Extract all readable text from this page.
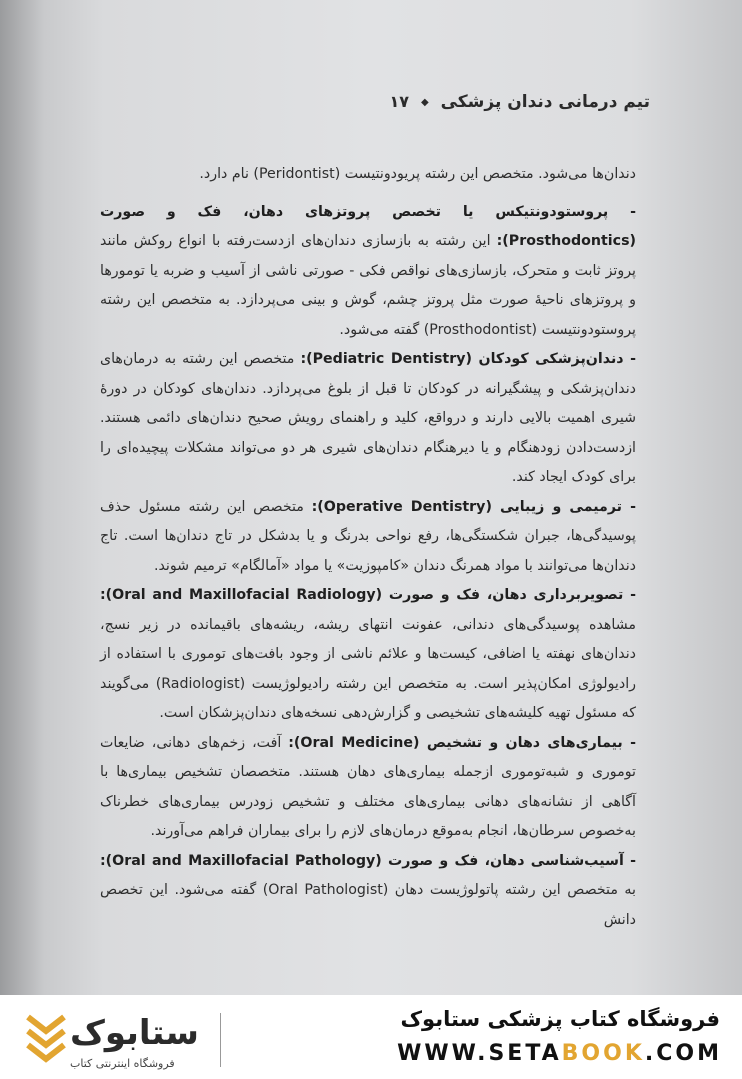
تیم درمانی دندان پزشکی ◆ ۱۷

دندان‌ها می‌شود. متخصص این رشته پریودونتیست (Peridontist) نام دارد.

- پروستودونتیکس یا تخصص پروتزهای دهان، فک و صورت (Prosthodontics): این رشته به بازسازی دندان‌های ازدست‌رفته با انواع روکش مانند پروتز ثابت و متحرک، بازسازی‌های نواقص فکی - صورتی ناشی از آسیب و ضربه یا تومورها و پروتزهای ناحیهٔ صورت مثل پروتز چشم، گوش و بینی می‌پردازد. به متخصص این رشته پروستودونتیست (Prosthodontist) گفته می‌شود.

- دندان‌پزشکی کودکان (Pediatric Dentistry): متخصص این رشته به درمان‌های دندان‌پزشکی و پیشگیرانه در کودکان تا قبل از بلوغ می‌پردازد. دندان‌های کودکان در دورهٔ شیری اهمیت بالایی دارند و درواقع، کلید و راهنمای رویش صحیح دندان‌های دائمی هستند. ازدست‌دادن زودهنگام و یا دیرهنگام دندان‌های شیری هر دو می‌تواند مشکلات پیچیده‌ای را برای کودک ایجاد کند.

- ترمیمی و زیبایی (Operative Dentistry): متخصص این رشته مسئول حذف پوسیدگی‌ها، جبران شکستگی‌ها، رفع نواحی بدرنگ و یا بدشکل در تاج دندان‌ها است. تاج دندان‌ها می‌توانند با مواد همرنگ دندان «کامپوزیت» یا مواد «آمالگام» ترمیم شوند.

- تصویربرداری دهان، فک و صورت (Oral and Maxillofacial Radiology): مشاهده پوسیدگی‌های دندانی، عفونت انتهای ریشه، ریشه‌های باقیمانده در زیر نسج، دندان‌های نهفته یا اضافی، کیست‌ها و علائم ناشی از وجود بافت‌های توموری با استفاده از رادیولوژی امکان‌پذیر است. به متخصص این رشته رادیولوژیست (Radiologist) می‌گویند که مسئول تهیه کلیشه‌های تشخیصی و گزارش‌دهی نسخه‌های دندان‌پزشکان است.

- بیماری‌های دهان و تشخیص (Oral Medicine): آفت، زخم‌های دهانی، ضایعات توموری و شبه‌توموری ازجمله بیماری‌های دهان هستند. متخصصان تشخیص بیماری‌ها با آگاهی از نشانه‌های دهانی بیماری‌های مختلف و تشخیص زودرس بیماری‌های خطرناک به‌خصوص سرطان‌ها، انجام به‌موقع درمان‌های لازم را برای بیماران فراهم می‌آورند.

- آسیب‌شناسی دهان، فک و صورت (Oral and Maxillofacial Pathology): به متخصص این رشته پاتولوژیست دهان (Oral Pathologist) گفته می‌شود. این تخصص دانش

ستابوک
فروشگاه اینترنتی کتاب
فروشگاه کتاب پزشکی ستابوک
WWW.SETABOOK.COM
